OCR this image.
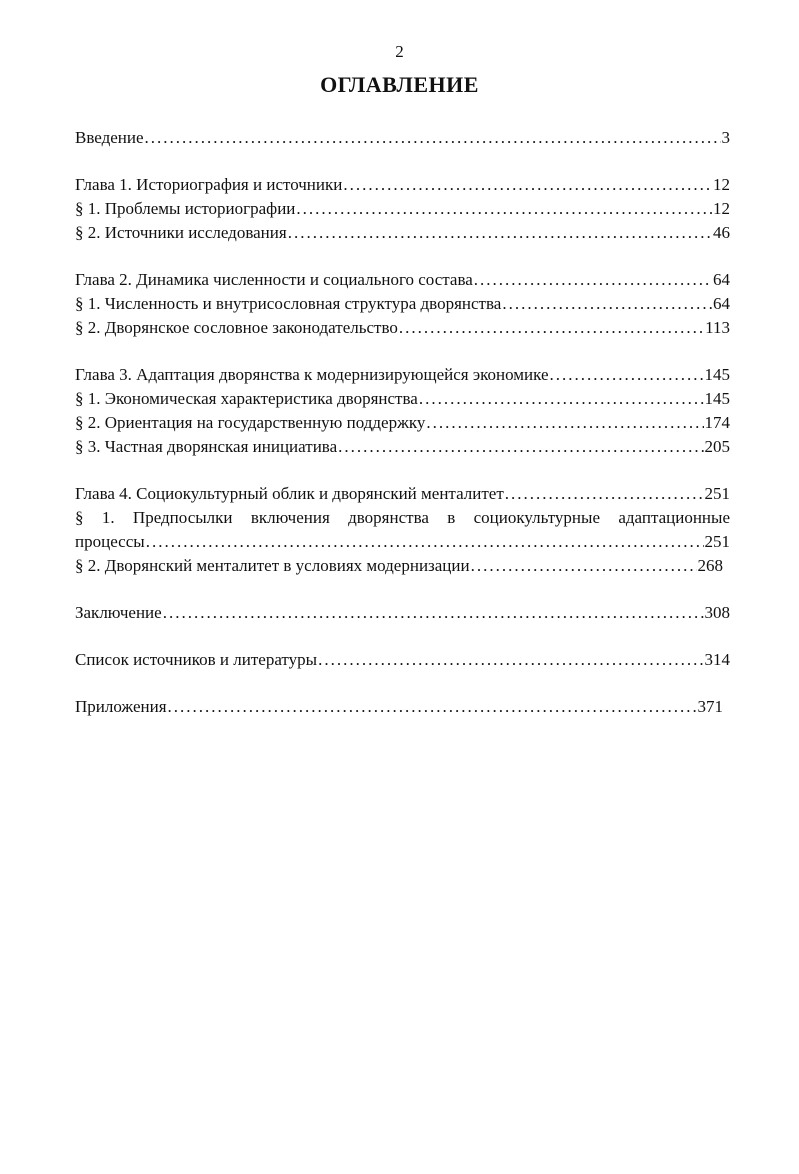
2
ОГЛАВЛЕНИЕ
Введение .....	3
Глава 1. Историография и источники .....	12
§ 1. Проблемы историографии .....	12
§ 2. Источники исследования .....	46
Глава 2. Динамика численности и социального состава .....	64
§ 1. Численность и внутрисословная структура дворянства .....	64
§ 2. Дворянское сословное законодательство .....	113
Глава 3. Адаптация дворянства к модернизирующейся экономике .....	145
§ 1. Экономическая характеристика дворянства .....	145
§ 2. Ориентация на государственную поддержку .....	174
§ 3. Частная дворянская инициатива .....	205
Глава 4. Социокультурный облик и дворянский менталитет .....	251
§ 1. Предпосылки включения дворянства в социокультурные адаптационные
процессы .....	251
§ 2. Дворянский менталитет в условиях модернизации .....	268
Заключение .....	308
Список источников и литературы .....	314
Приложения .....	371
